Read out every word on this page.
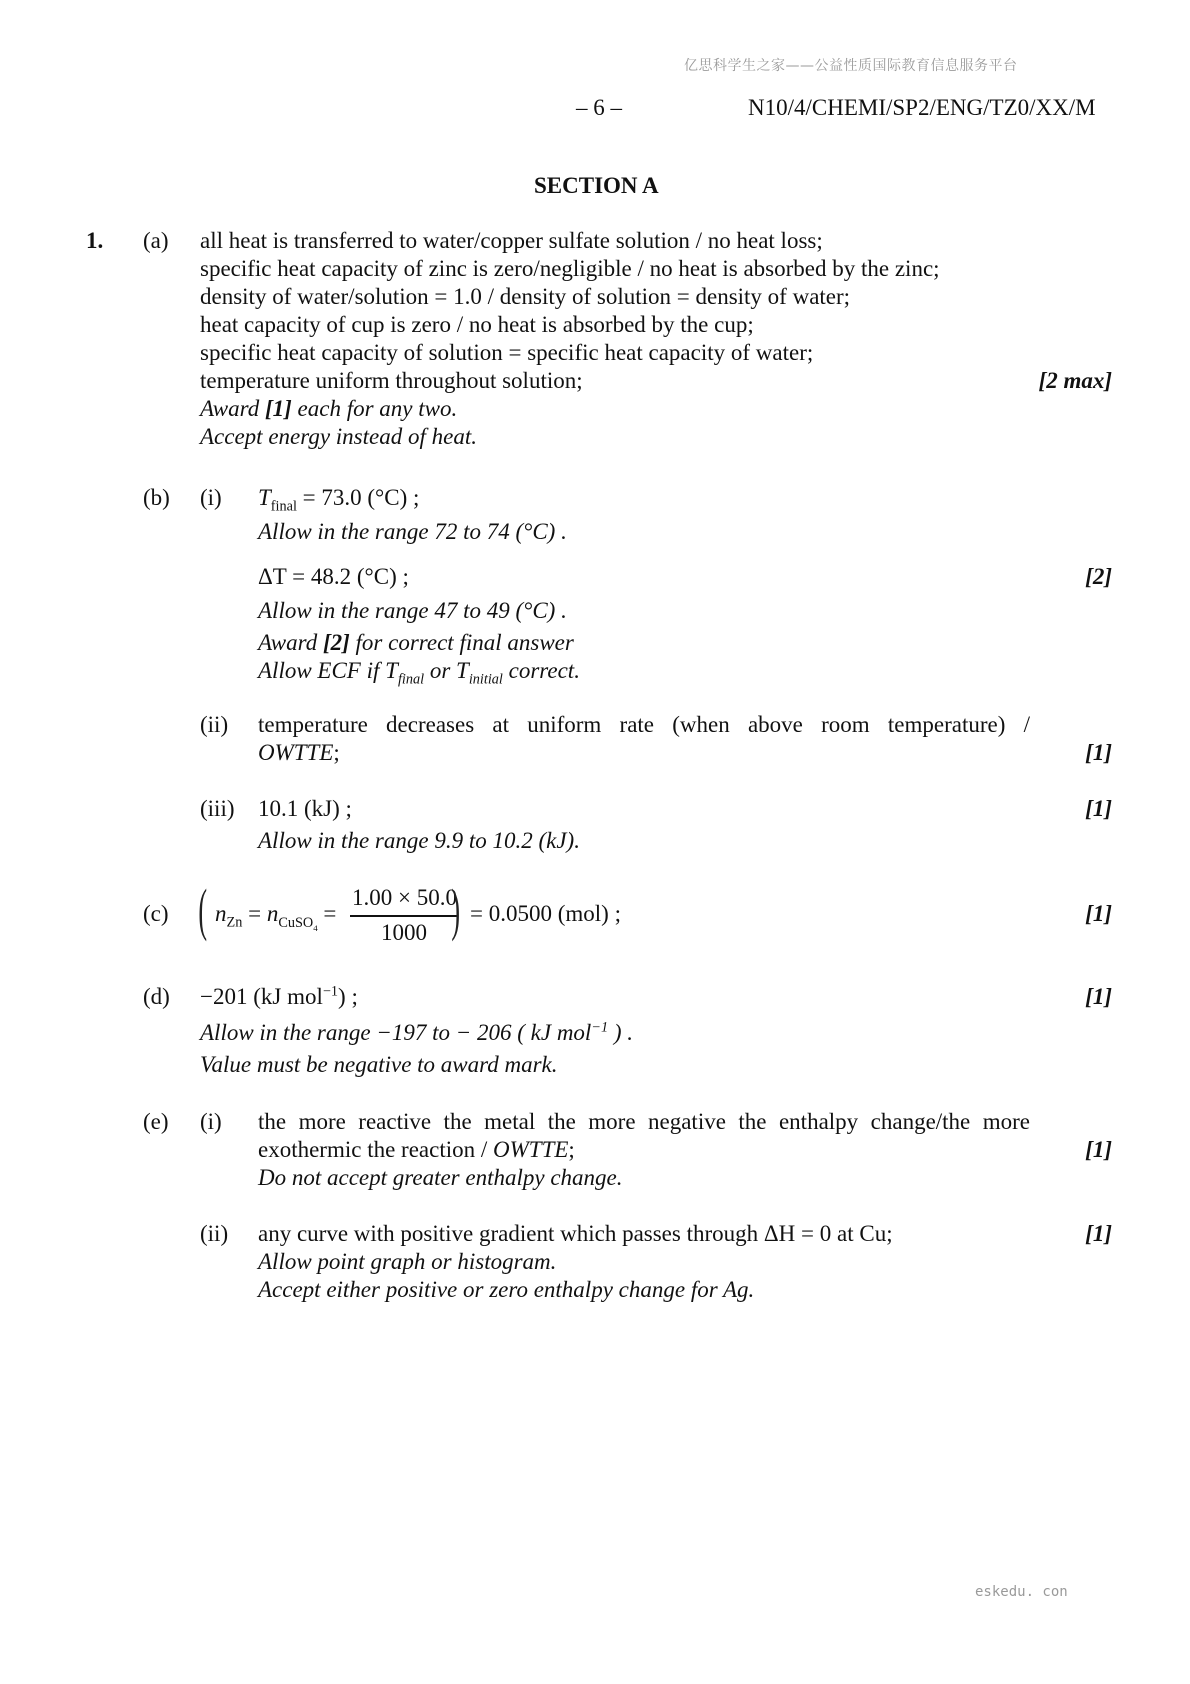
亿思科学生之家——公益性质国际教育信息服务平台
– 6 –	N10/4/CHEMI/SP2/ENG/TZ0/XX/M
SECTION A
1. (a) all heat is transferred to water/copper sulfate solution / no heat loss;
specific heat capacity of zinc is zero/negligible / no heat is absorbed by the zinc;
density of water/solution = 1.0 / density of solution = density of water;
heat capacity of cup is zero / no heat is absorbed by the cup;
specific heat capacity of solution = specific heat capacity of water;
temperature uniform throughout solution;	[2 max]
Award [1] each for any two.
Accept energy instead of heat.
(b) (i) $T_{final} = 73.0$ (°C) ;
Allow in the range 72 to 74 (°C) .
ΔT = 48.2 (°C) ;	[2]
Allow in the range 47 to 49 (°C) .
Award [2] for correct final answer
Allow ECF if $T_{final}$ or $T_{initial}$ correct.
(ii) temperature decreases at uniform rate (when above room temperature) /
OWTTE;	[1]
(iii) 10.1 (kJ) ;	[1]
Allow in the range 9.9 to 10.2 (kJ).
(c) ( $n_{Zn} = n_{CuSO_4}$ =
1.00 × 50.0
1000 ) = 0.0500 (mol) ;	[1]
(d) −201 (kJ mol$^{-1}$) ;	[1]
Allow in the range −197 to − 206 ( kJ mol$^{-1}$ ) .
Value must be negative to award mark.
(e) (i) the more reactive the metal the more negative the enthalpy change/the more
exothermic the reaction / OWTTE;	[1]
Do not accept greater enthalpy change.
(ii) any curve with positive gradient which passes through ΔH = 0 at Cu;	[1]
Allow point graph or histogram.
Accept either positive or zero enthalpy change for Ag.
eskedu. con
